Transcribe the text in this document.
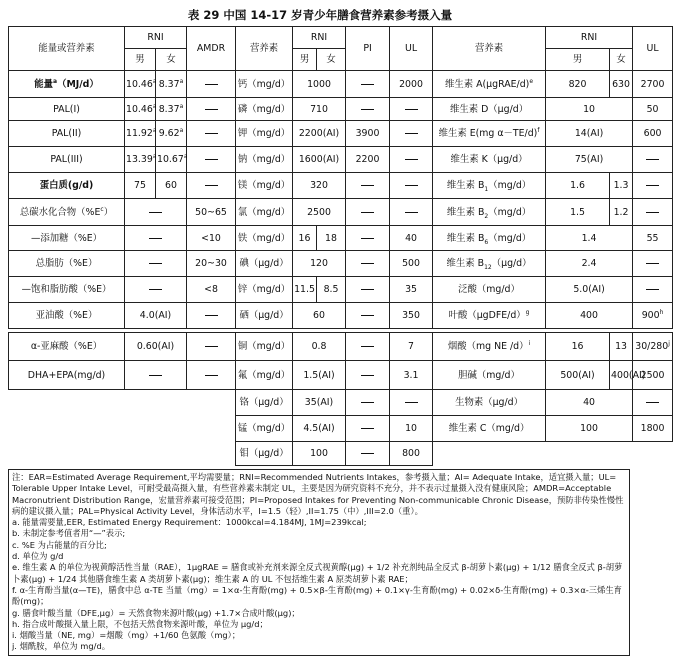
表 29 中国 14-17 岁青少年膳食营养素参考摄入量
能量或营养素	RNI		AMDR	营养素	RNI		PI	UL	营养素	RNI		UL
	男	女			男	女				男	女	
能量$^a$（MJ/d）	10.46$^a$	8.37$^a$		钙（mg/d）	1000			2000	维生素 A(μgRAE/d)$^e$	820	630	2700
PAL(I)	10.46$^a$	8.37$^a$		磷（mg/d）	710				维生素 D（μg/d）	10		50
PAL(II)	11.92$^a$	9.62$^a$		钾（mg/d）	2200(AI)		3900		维生素 E(mg α－TE/d)$^f$	14(AI)		600
PAL(III)	13.39$^a$	10.67$^a$		钠（mg/d）	1600(AI)		2200		维生素 K（μg/d）	75(AI)		
蛋白质(g/d)	75	60		镁（mg/d）	320				维生素 $B_1(mg/d)$	1.6	1.3	
总碳水化合物$(\%E^c)$			50~65	氯（mg/d）	2500				维生素 $B_2(mg/d)$	1.5	1.2	
—添加糖（%E）			<10	铁（mg/d）	16	18		40	维生素 $B_6(mg/d)$	1.4		55
总脂肪（%E）			20~30	碘（μg/d）	120			500	维生素 $B_{12}(\mu g/d)$	2.4		
—饱和脂肪酸（%E）			<8	锌（mg/d）	11.5	8.5		35	泛酸（mg/d）	5.0(AI)		
亚油酸（%E）	4.0(AI)			硒（μg/d）	60			350	叶酸（μgDFE/d）$^g$	400		900$^h$

α-亚麻酸（%E）	0.60(AI)			铜（mg/d）	0.8			7	烟酸（mg NE /d）$^i$	16	13	30/280$^j$
DHA+EPA(mg/d)				氟（mg/d）	1.5(AI)			3.1	胆碱（mg/d）	500(AI)	400(AI)	2500
				铬（μg/d）	35(AI)				生物素（μg/d）	40		
				锰（mg/d）	4.5(AI)			10	维生素 C（mg/d）	100		1800
				钼（μg/d）	100			800				
注：EAR=Estimated Average Requirement,平均需要量；RNI=Recommended Nutrients Intakes，参考摄入量；AI= Adequate Intake，适宜摄入量；UL= Tolerable Upper Intake Level，可耐受最高摄入量，有些营养素未制定 UL，主要是因为研究资料不充分，并不表示过量摄入没有健康风险；AMDR=Acceptable Macronutrient Distribution Range，宏量营养素可接受范围；PI=Proposed Intakes for Preventing Non-communicable Chronic Disease，预防非传染性慢性病的建议摄入量；PAL=Physical Activity Level，身体活动水平，I=1.5（轻）,II=1.75（中）,III=2.0（重）。
a. 能量需要量,EER, Estimated Energy Requirement：1000kcal=4.184MJ, 1MJ=239kcal;
b. 未制定参考值者用“—”表示;
c. %E 为占能量的百分比;
d. 单位为 g/d
e. 维生素 A 的单位为视黄醇活性当量（RAE），1μgRAE = 膳食或补充剂来源全反式视黄醇(μg) + 1/2 补充剂纯品全反式 β-胡萝卜素(μg) + 1/12 膳食全反式 β-胡萝卜素(μg) + 1/24 其他膳食维生素 A 类胡萝卜素(μg)；维生素 A 的 UL 不包括维生素 A 原类胡萝卜素 RAE；
f. α-生育酚当量(α—TE)，膳食中总 α-TE 当量（mg）= 1×α-生育酚(mg) + 0.5×β-生育酚(mg) + 0.1×γ-生育酚(mg) + 0.02×δ-生育酚(mg) + 0.3×α-三烯生育酚(mg)；
g. 膳食叶酸当量（DFE,μg）= 天然食物来源叶酸(μg) +1.7×合成叶酸(μg)；
h. 指合成叶酸摄入量上限，不包括天然食物来源叶酸，单位为 μg/d；
i. 烟酸当量（NE, mg）=烟酸（mg）+1/60 色氨酸（mg）；
j. 烟酰胺，单位为 mg/d。
